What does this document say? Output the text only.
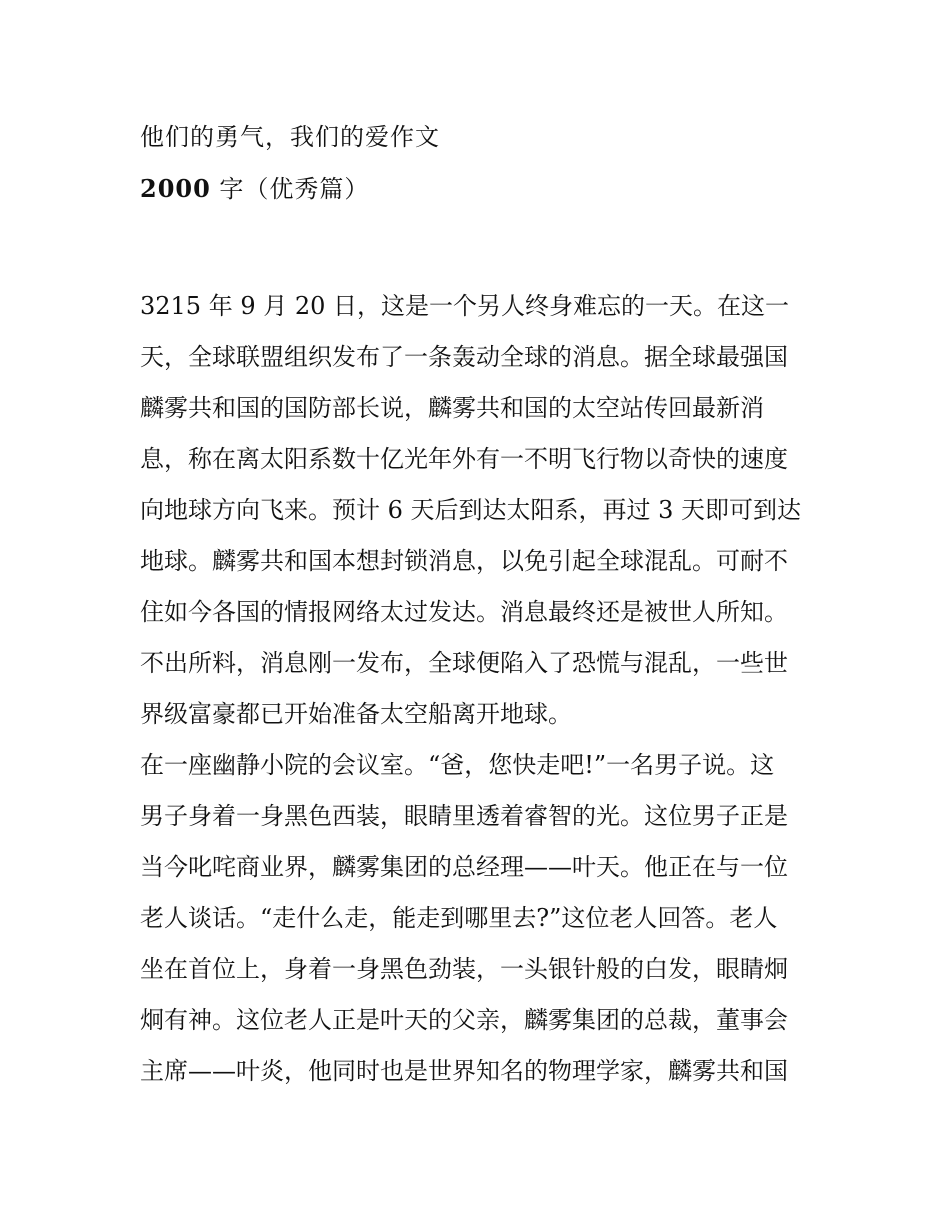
他们的勇气，我们的爱作文
2000 字（优秀篇）
3215 年 9 月 20 日，这是一个另人终身难忘的一天。在这一
天，全球联盟组织发布了一条轰动全球的消息。据全球最强国
麟雾共和国的国防部长说，麟雾共和国的太空站传回最新消
息，称在离太阳系数十亿光年外有一不明飞行物以奇快的速度
向地球方向飞来。预计 6 天后到达太阳系，再过 3 天即可到达
地球。麟雾共和国本想封锁消息，以免引起全球混乱。可耐不
住如今各国的情报网络太过发达。消息最终还是被世人所知。
不出所料，消息刚一发布，全球便陷入了恐慌与混乱，一些世
界级富豪都已开始准备太空船离开地球。
在一座幽静小院的会议室。“爸，您快走吧!”一名男子说。这
男子身着一身黑色西装，眼睛里透着睿智的光。这位男子正是
当今叱咤商业界，麟雾集团的总经理——叶天。他正在与一位
老人谈话。“走什么走，能走到哪里去?”这位老人回答。老人
坐在首位上，身着一身黑色劲装，一头银针般的白发，眼睛炯
炯有神。这位老人正是叶天的父亲，麟雾集团的总裁，董事会
主席——叶炎，他同时也是世界知名的物理学家，麟雾共和国
